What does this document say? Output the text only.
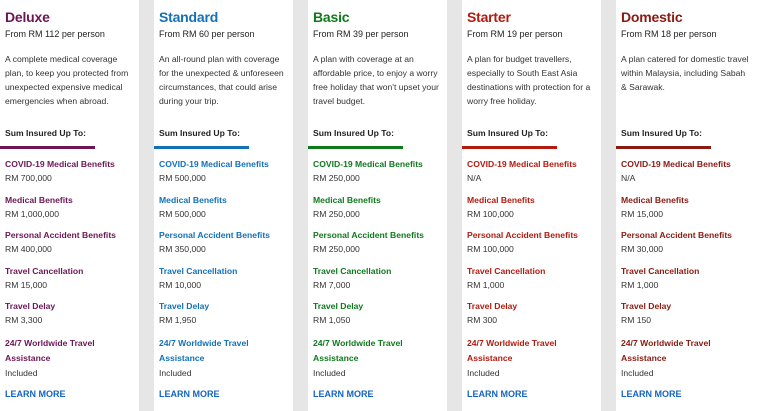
Deluxe
From RM 112 per person
A complete medical coverage plan, to keep you protected from unexpected expensive medical emergencies when abroad.
Sum Insured Up To:
COVID-19 Medical Benefits
RM 700,000
Medical Benefits
RM 1,000,000
Personal Accident Benefits
RM 400,000
Travel Cancellation
RM 15,000
Travel Delay
RM 3,300
24/7 Worldwide Travel Assistance
Included
LEARN MORE
Standard
From RM 60 per person
An all-round plan with coverage for the unexpected & unforeseen circumstances, that could arise during your trip.
Sum Insured Up To:
COVID-19 Medical Benefits
RM 500,000
Medical Benefits
RM 500,000
Personal Accident Benefits
RM 350,000
Travel Cancellation
RM 10,000
Travel Delay
RM 1,950
24/7 Worldwide Travel Assistance
Included
LEARN MORE
Basic
From RM 39 per person
A plan with coverage at an affordable price, to enjoy a worry free holiday that won't upset your travel budget.
Sum Insured Up To:
COVID-19 Medical Benefits
RM 250,000
Medical Benefits
RM 250,000
Personal Accident Benefits
RM 250,000
Travel Cancellation
RM 7,000
Travel Delay
RM 1,050
24/7 Worldwide Travel Assistance
Included
LEARN MORE
Starter
From RM 19 per person
A plan for budget travellers, especially to South East Asia destinations with protection for a worry free holiday.
Sum Insured Up To:
COVID-19 Medical Benefits
N/A
Medical Benefits
RM 100,000
Personal Accident Benefits
RM 100,000
Travel Cancellation
RM 1,000
Travel Delay
RM 300
24/7 Worldwide Travel Assistance
Included
LEARN MORE
Domestic
From RM 18 per person
A plan catered for domestic travel within Malaysia, including Sabah & Sarawak.
Sum Insured Up To:
COVID-19 Medical Benefits
N/A
Medical Benefits
RM 15,000
Personal Accident Benefits
RM 30,000
Travel Cancellation
RM 1,000
Travel Delay
RM 150
24/7 Worldwide Travel Assistance
Included
LEARN MORE
